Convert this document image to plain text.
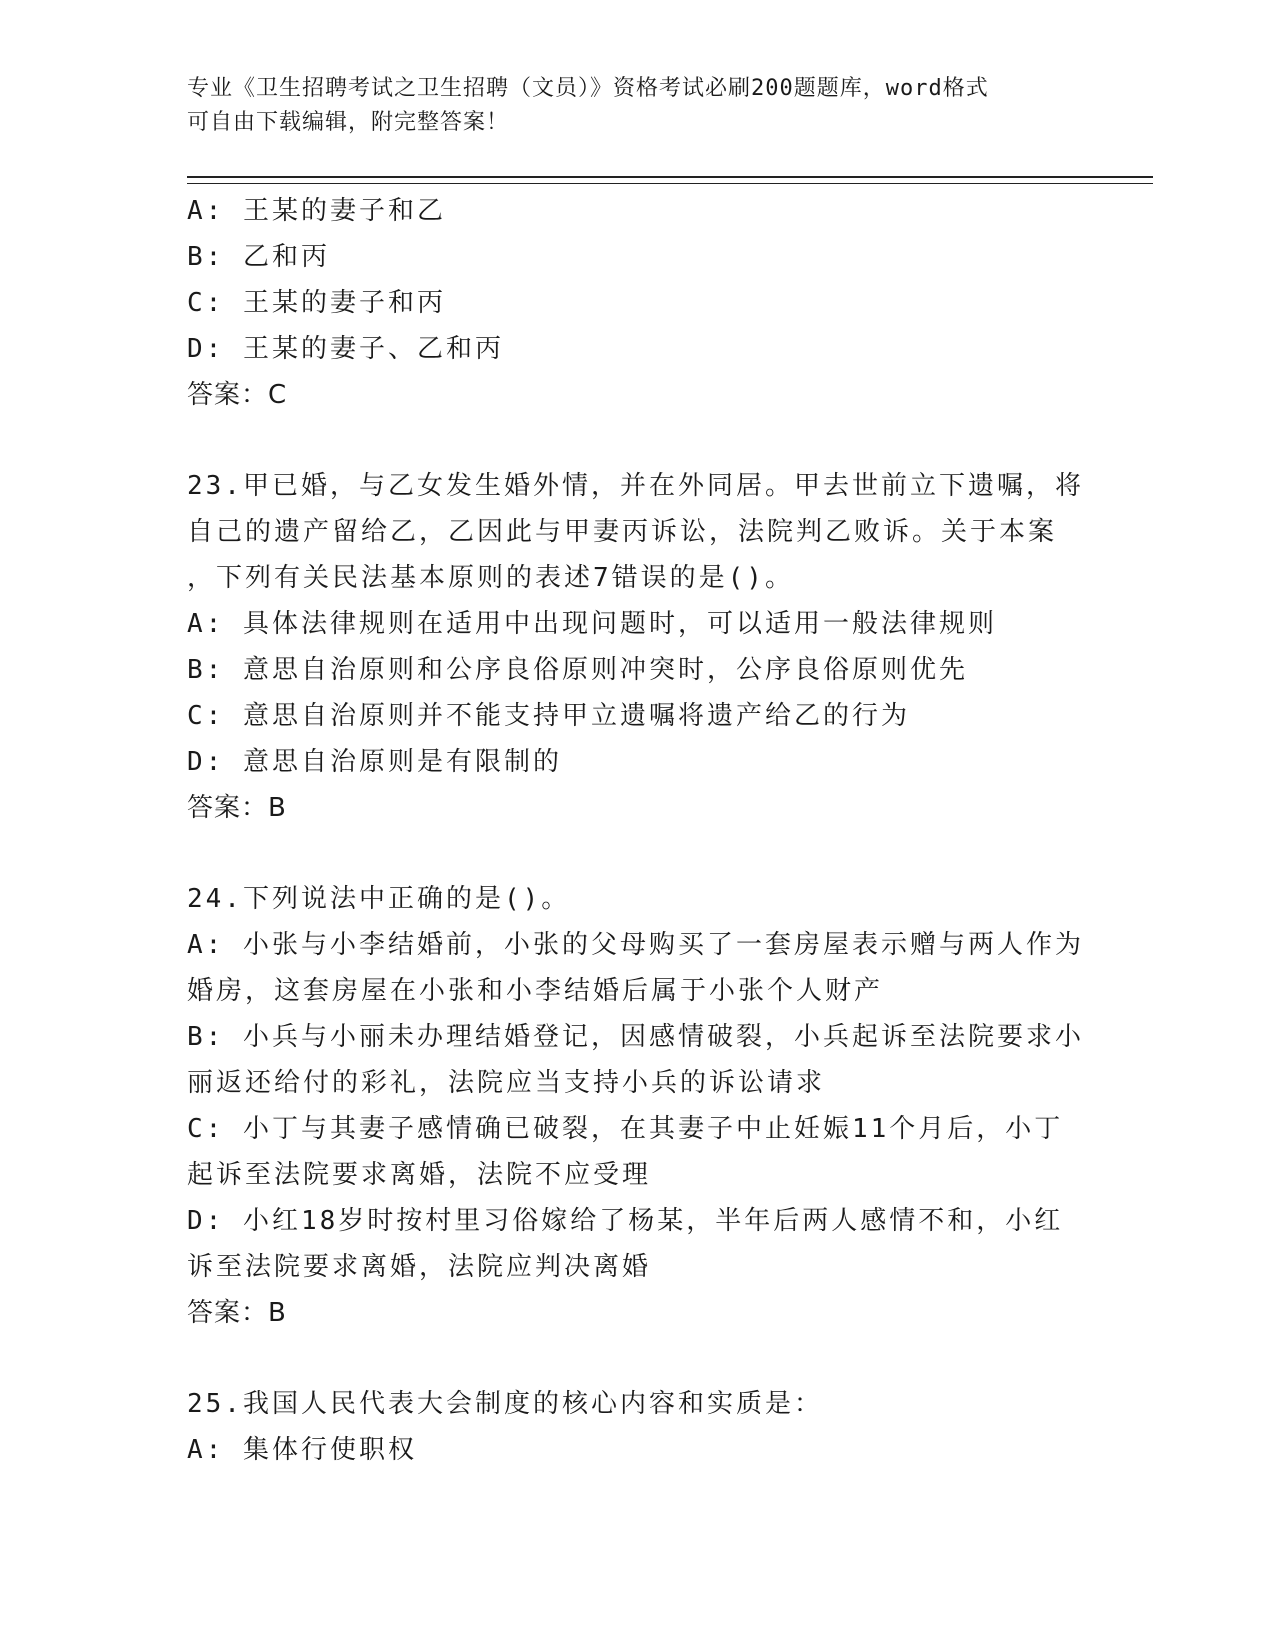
专业《卫生招聘考试之卫生招聘（文员）》资格考试必刷200题题库，word格式
可自由下载编辑，附完整答案！
A: 王某的妻子和乙
B: 乙和丙
C: 王某的妻子和丙
D: 王某的妻子、乙和丙
答案：C
23.甲已婚，与乙女发生婚外情，并在外同居。甲去世前立下遗嘱，将
自己的遗产留给乙，乙因此与甲妻丙诉讼，法院判乙败诉。关于本案
，下列有关民法基本原则的表述7错误的是()。
A: 具体法律规则在适用中出现问题时，可以适用一般法律规则
B: 意思自治原则和公序良俗原则冲突时，公序良俗原则优先
C: 意思自治原则并不能支持甲立遗嘱将遗产给乙的行为
D: 意思自治原则是有限制的
答案：B
24.下列说法中正确的是()。
A: 小张与小李结婚前，小张的父母购买了一套房屋表示赠与两人作为
婚房，这套房屋在小张和小李结婚后属于小张个人财产
B: 小兵与小丽未办理结婚登记，因感情破裂，小兵起诉至法院要求小
丽返还给付的彩礼，法院应当支持小兵的诉讼请求
C: 小丁与其妻子感情确已破裂，在其妻子中止妊娠11个月后，小丁
起诉至法院要求离婚，法院不应受理
D: 小红18岁时按村里习俗嫁给了杨某，半年后两人感情不和，小红
诉至法院要求离婚，法院应判决离婚
答案：B
25.我国人民代表大会制度的核心内容和实质是：
A: 集体行使职权
